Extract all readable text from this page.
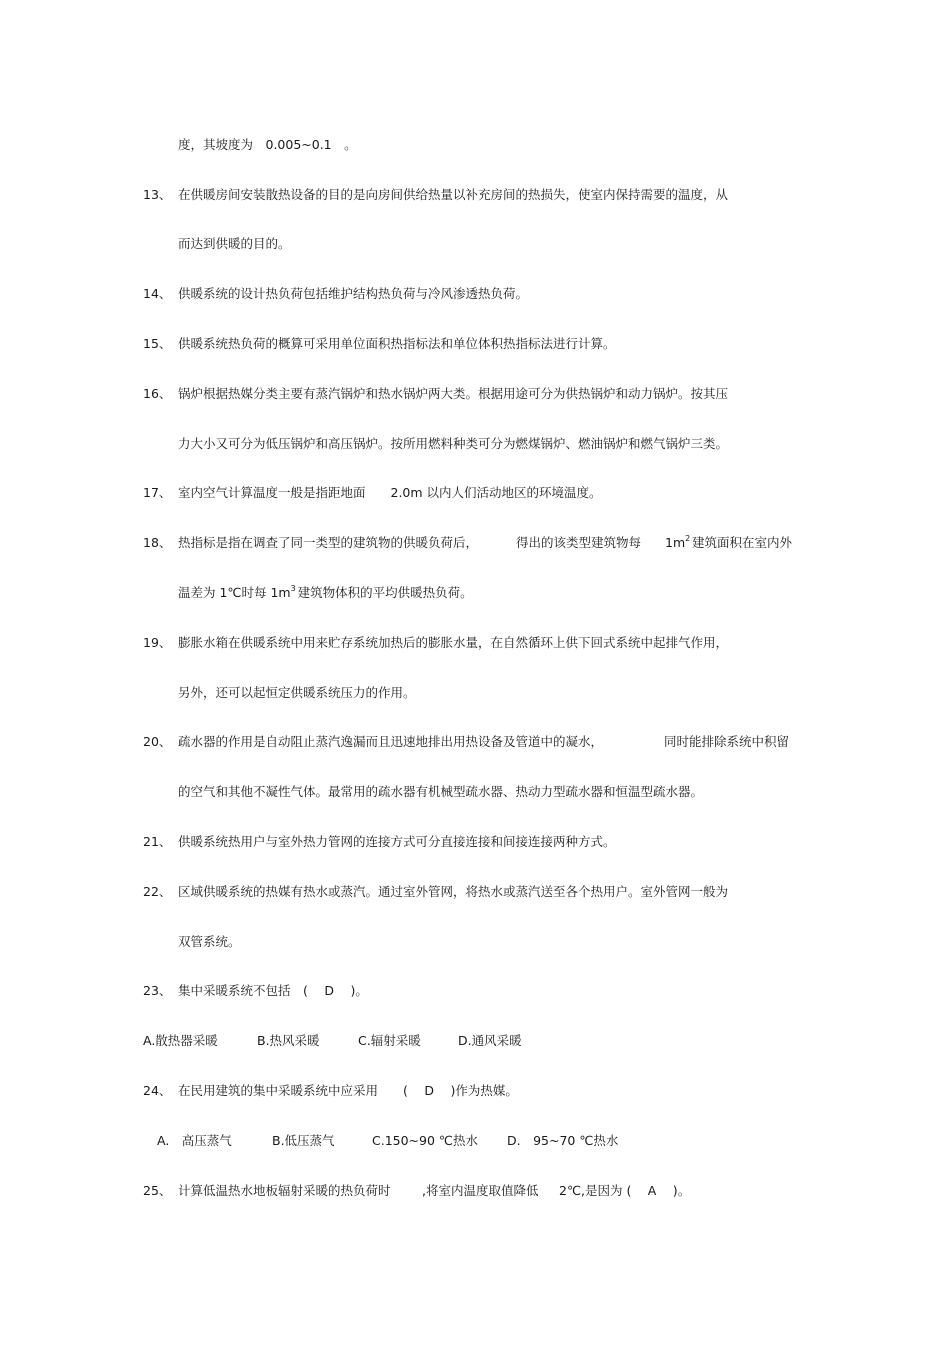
度，其坡度为　0.005~0.1　。
13、 在供暖房间安装散热设备的目的是向房间供给热量以补充房间的热损失，使室内保持需要的温度，从
而达到供暖的目的。
14、 供暖系统的设计热负荷包括维护结构热负荷与冷风渗透热负荷。
15、 供暖系统热负荷的概算可采用单位面积热指标法和单位体积热指标法进行计算。
16、 锅炉根据热媒分类主要有蒸汽锅炉和热水锅炉两大类。根据用途可分为供热锅炉和动力锅炉。按其压
力大小又可分为低压锅炉和高压锅炉。按所用燃料种类可分为燃煤锅炉、燃油锅炉和燃气锅炉三类。
17、 室内空气计算温度一般是指距地面　　2.0m 以内人们活动地区的环境温度。
18、 热指标是指在调查了同一类型的建筑物的供暖负荷后，	得出的该类型建筑物每 $1m^2$ 建筑面积在室内外
温差为 1℃时每 $1m^3$ 建筑物体积的平均供暖热负荷。
19、 膨胀水箱在供暖系统中用来贮存系统加热后的膨胀水量，在自然循环上供下回式系统中起排气作用，
另外，还可以起恒定供暖系统压力的作用。
20、 疏水器的作用是自动阻止蒸汽逸漏而且迅速地排出用热设备及管道中的凝水，	同时能排除系统中积留
的空气和其他不凝性气体。最常用的疏水器有机械型疏水器、热动力型疏水器和恒温型疏水器。
21、 供暖系统热用户与室外热力管网的连接方式可分直接连接和间接连接两种方式。
22、 区域供暖系统的热媒有热水或蒸汽。通过室外管网，将热水或蒸汽送至各个热用户。室外管网一般为
双管系统。
23、 集中采暖系统不包括　(　 D　 )。
A.散热器采暖	B.热风采暖	C.辐射采暖	D.通风采暖
24、 在民用建筑的集中采暖系统中应采用　　(　 D　 )作为热媒。
A.　高压蒸气	B.低压蒸气	C.150~90 ℃热水 D.　95~70 ℃热水
25、 计算低温热水地板辐射采暖的热负荷时	,将室内温度取值降低 2℃,是因为 (　 A　 )。
